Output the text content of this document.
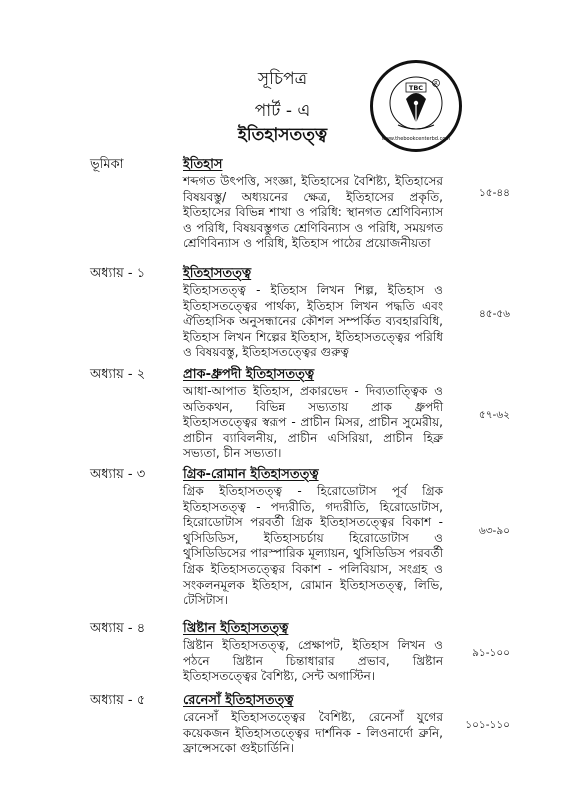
সূচিপত্র
পার্ট - এ
ইতিহাসতত্ত্ব
TBC R
www.thebookcenterbd.com
ভূমিকা	ইতিহাস
শব্দগত উৎপত্তি, সংজ্ঞা, ইতিহাসের বৈশিষ্ট্য, ইতিহাসের বিষয়বস্তু/ অধ্যয়নের ক্ষেত্র, ইতিহাসের প্রকৃতি, ইতিহাসের বিভিন্ন শাখা ও পরিধি: স্থানগত শ্রেণিবিন্যাস ও পরিধি, বিষয়বস্তুগত শ্রেণিবিন্যাস ও পরিধি, সময়গত শ্রেণিবিন্যাস ও পরিধি, ইতিহাস পাঠের প্রয়োজনীয়তা
১৫-৪৪
অধ্যায় - ১	ইতিহাসতত্ত্ব
ইতিহাসতত্ত্ব - ইতিহাস লিখন শিল্প, ইতিহাস ও ইতিহাসতত্ত্বের পার্থক্য, ইতিহাস লিখন পদ্ধতি এবং ঐতিহাসিক অনুসন্ধানের কৌশল সম্পর্কিত ব্যবহারবিধি, ইতিহাস লিখন শিল্পের ইতিহাস, ইতিহাসতত্ত্বের পরিধি ও বিষয়বস্তু, ইতিহাসতত্ত্বের গুরুত্ব
৪৫-৫৬
অধ্যায় - ২	প্রাক-ধ্রুপদী ইতিহাসতত্ত্ব
আধা-আপাত ইতিহাস, প্রকারভেদ - দিব্যতাত্ত্বিক ও অতিকথন, বিভিন্ন সভ্যতায় প্রাক ধ্রুপদী ইতিহাসতত্ত্বের স্বরূপ - প্রাচীন মিসর, প্রাচীন সুমেরীয়, প্রাচীন ব্যাবিলনীয়, প্রাচীন এসিরিয়া, প্রাচীন হিব্রু সভ্যতা, চীন সভ্যতা।
৫৭-৬২
অধ্যায় - ৩	গ্রিক-রোমান ইতিহাসতত্ত্ব
গ্রিক ইতিহাসতত্ত্ব - হিরোডোটাস পূর্ব গ্রিক ইতিহাসতত্ত্ব - পদ্যরীতি, গদ্যরীতি, হিরোডোটাস, হিরোডোটাস পরবর্তী গ্রিক ইতিহাসতত্ত্বের বিকাশ - থুসিডিডিস, ইতিহাসচর্চায় হিরোডোটাস ও থুসিডিডিসের পারস্পারিক মূল্যায়ন, থুসিডিডিস পরবর্তী গ্রিক ইতিহাসতত্ত্বের বিকাশ - পলিবিয়াস, সংগ্রহ ও সংকলনমূলক ইতিহাস, রোমান ইতিহাসতত্ত্ব, লিভি, টেসিটাস।
৬৩-৯০
অধ্যায় - ৪	খ্রিষ্টান ইতিহাসতত্ত্ব
খ্রিষ্টান ইতিহাসতত্ত্ব, প্রেক্ষাপট, ইতিহাস লিখন ও পঠনে খ্রিষ্টান চিন্তাধারার প্রভাব, খ্রিষ্টান ইতিহাসতত্ত্বের বৈশিষ্ট্য, সেন্ট অগাস্টিন।
৯১-১০০
অধ্যায় - ৫	রেনেসাঁ ইতিহাসতত্ত্ব
রেনেসাঁ ইতিহাসতত্ত্বের বৈশিষ্ট্য, রেনেসাঁ যুগের কয়েকজন ইতিহাসতত্ত্বের দার্শনিক - লিওনার্দো ব্রুনি, ফ্রান্সেসকো গুইচার্ডিনি।
১০১-১১০
